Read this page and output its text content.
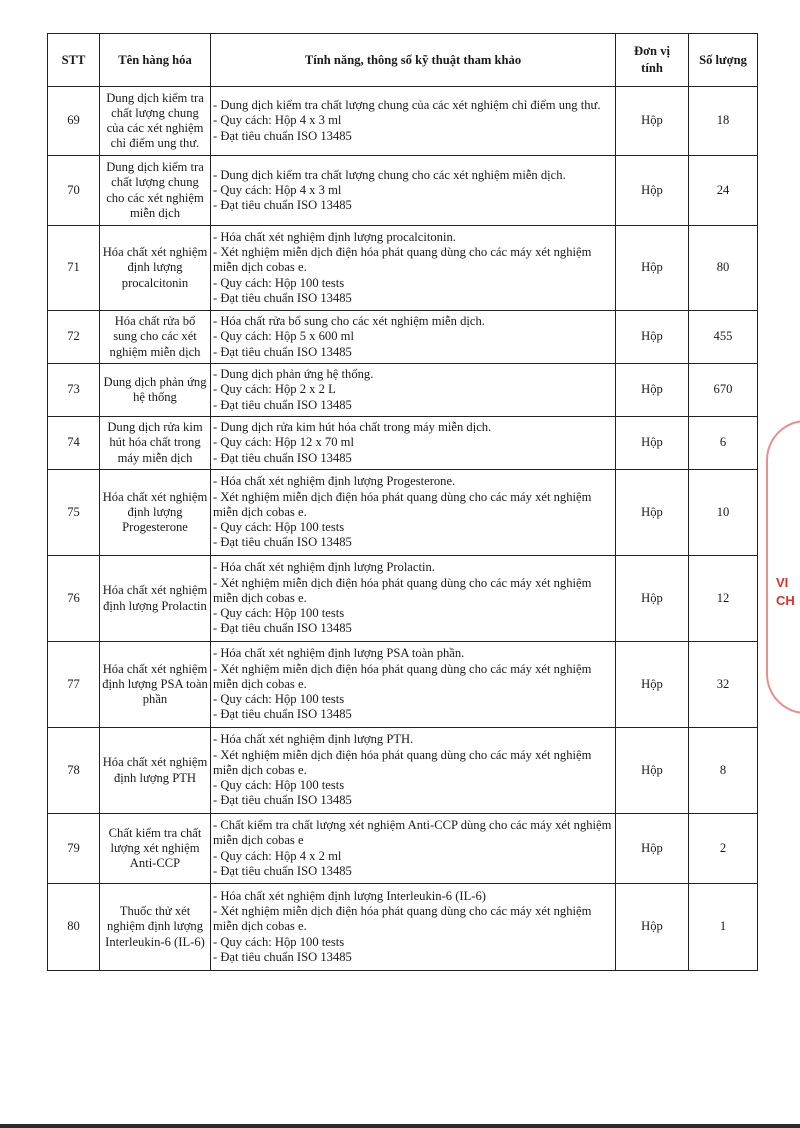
STT	Tên hàng hóa	Tính năng, thông số kỹ thuật tham khảo	Đơn vị
tính	Số lượng
69	Dung dịch kiểm tra chất lượng chung của các xét nghiệm chỉ điểm ung thư.	- Dung dịch kiểm tra chất lượng chung của các xét nghiệm chỉ điểm ung thư.
- Quy cách: Hộp 4 x 3 ml
- Đạt tiêu chuẩn ISO 13485	Hộp	18
70	Dung dịch kiểm tra chất lượng chung cho các xét nghiệm miễn dịch	- Dung dịch kiểm tra chất lượng chung cho các xét nghiệm miễn dịch.
- Quy cách: Hộp 4 x 3 ml
- Đạt tiêu chuẩn ISO 13485	Hộp	24
71	Hóa chất xét nghiệm định lượng procalcitonin	- Hóa chất xét nghiệm định lượng procalcitonin.
- Xét nghiệm miễn dịch điện hóa phát quang dùng cho các máy xét nghiệm miễn dịch cobas e.
- Quy cách: Hộp 100 tests
- Đạt tiêu chuẩn ISO 13485	Hộp	80
72	Hóa chất rửa bổ sung cho các xét nghiệm miễn dịch	- Hóa chất rửa bổ sung cho các xét nghiệm miễn dịch.
- Quy cách: Hộp 5 x 600 ml
- Đạt tiêu chuẩn ISO 13485	Hộp	455
73	Dung dịch phản ứng hệ thống	- Dung dịch phản ứng hệ thống.
- Quy cách: Hộp 2 x 2 L
- Đạt tiêu chuẩn ISO 13485	Hộp	670
74	Dung dịch rửa kim hút hóa chất trong máy miễn dịch	- Dung dịch rửa kim hút hóa chất trong máy miễn dịch.
- Quy cách: Hộp 12 x 70 ml
- Đạt tiêu chuẩn ISO 13485	Hộp	6
75	Hóa chất xét nghiệm định lượng Progesterone	- Hóa chất xét nghiệm định lượng Progesterone.
- Xét nghiệm miễn dịch điện hóa phát quang dùng cho các máy xét nghiệm miễn dịch cobas e.
- Quy cách: Hộp 100 tests
- Đạt tiêu chuẩn ISO 13485	Hộp	10
76	Hóa chất xét nghiệm định lượng Prolactin	- Hóa chất xét nghiệm định lượng Prolactin.
- Xét nghiệm miễn dịch điện hóa phát quang dùng cho các máy xét nghiệm miễn dịch cobas e.
- Quy cách: Hộp 100 tests
- Đạt tiêu chuẩn ISO 13485	Hộp	12
77	Hóa chất xét nghiệm định lượng PSA toàn phần	- Hóa chất xét nghiệm định lượng PSA toàn phần.
- Xét nghiệm miễn dịch điện hóa phát quang dùng cho các máy xét nghiệm miễn dịch cobas e.
- Quy cách: Hộp 100 tests
- Đạt tiêu chuẩn ISO 13485	Hộp	32
78	Hóa chất xét nghiệm định lượng PTH	- Hóa chất xét nghiệm định lượng PTH.
- Xét nghiệm miễn dịch điện hóa phát quang dùng cho các máy xét nghiệm miễn dịch cobas e.
- Quy cách: Hộp 100 tests
- Đạt tiêu chuẩn ISO 13485	Hộp	8
79	Chất kiểm tra chất lượng xét nghiệm Anti-CCP	- Chất kiểm tra chất lượng xét nghiệm Anti-CCP dùng cho các máy xét nghiệm miễn dịch cobas e
- Quy cách: Hộp 4 x 2 ml
- Đạt tiêu chuẩn ISO 13485	Hộp	2
80	Thuốc thử xét nghiệm định lượng Interleukin-6 (IL-6)	- Hóa chất xét nghiệm định lượng Interleukin-6 (IL-6)
- Xét nghiệm miễn dịch điện hóa phát quang dùng cho các máy xét nghiệm miễn dịch cobas e.
- Quy cách: Hộp 100 tests
- Đạt tiêu chuẩn ISO 13485	Hộp	1
VI
CH
